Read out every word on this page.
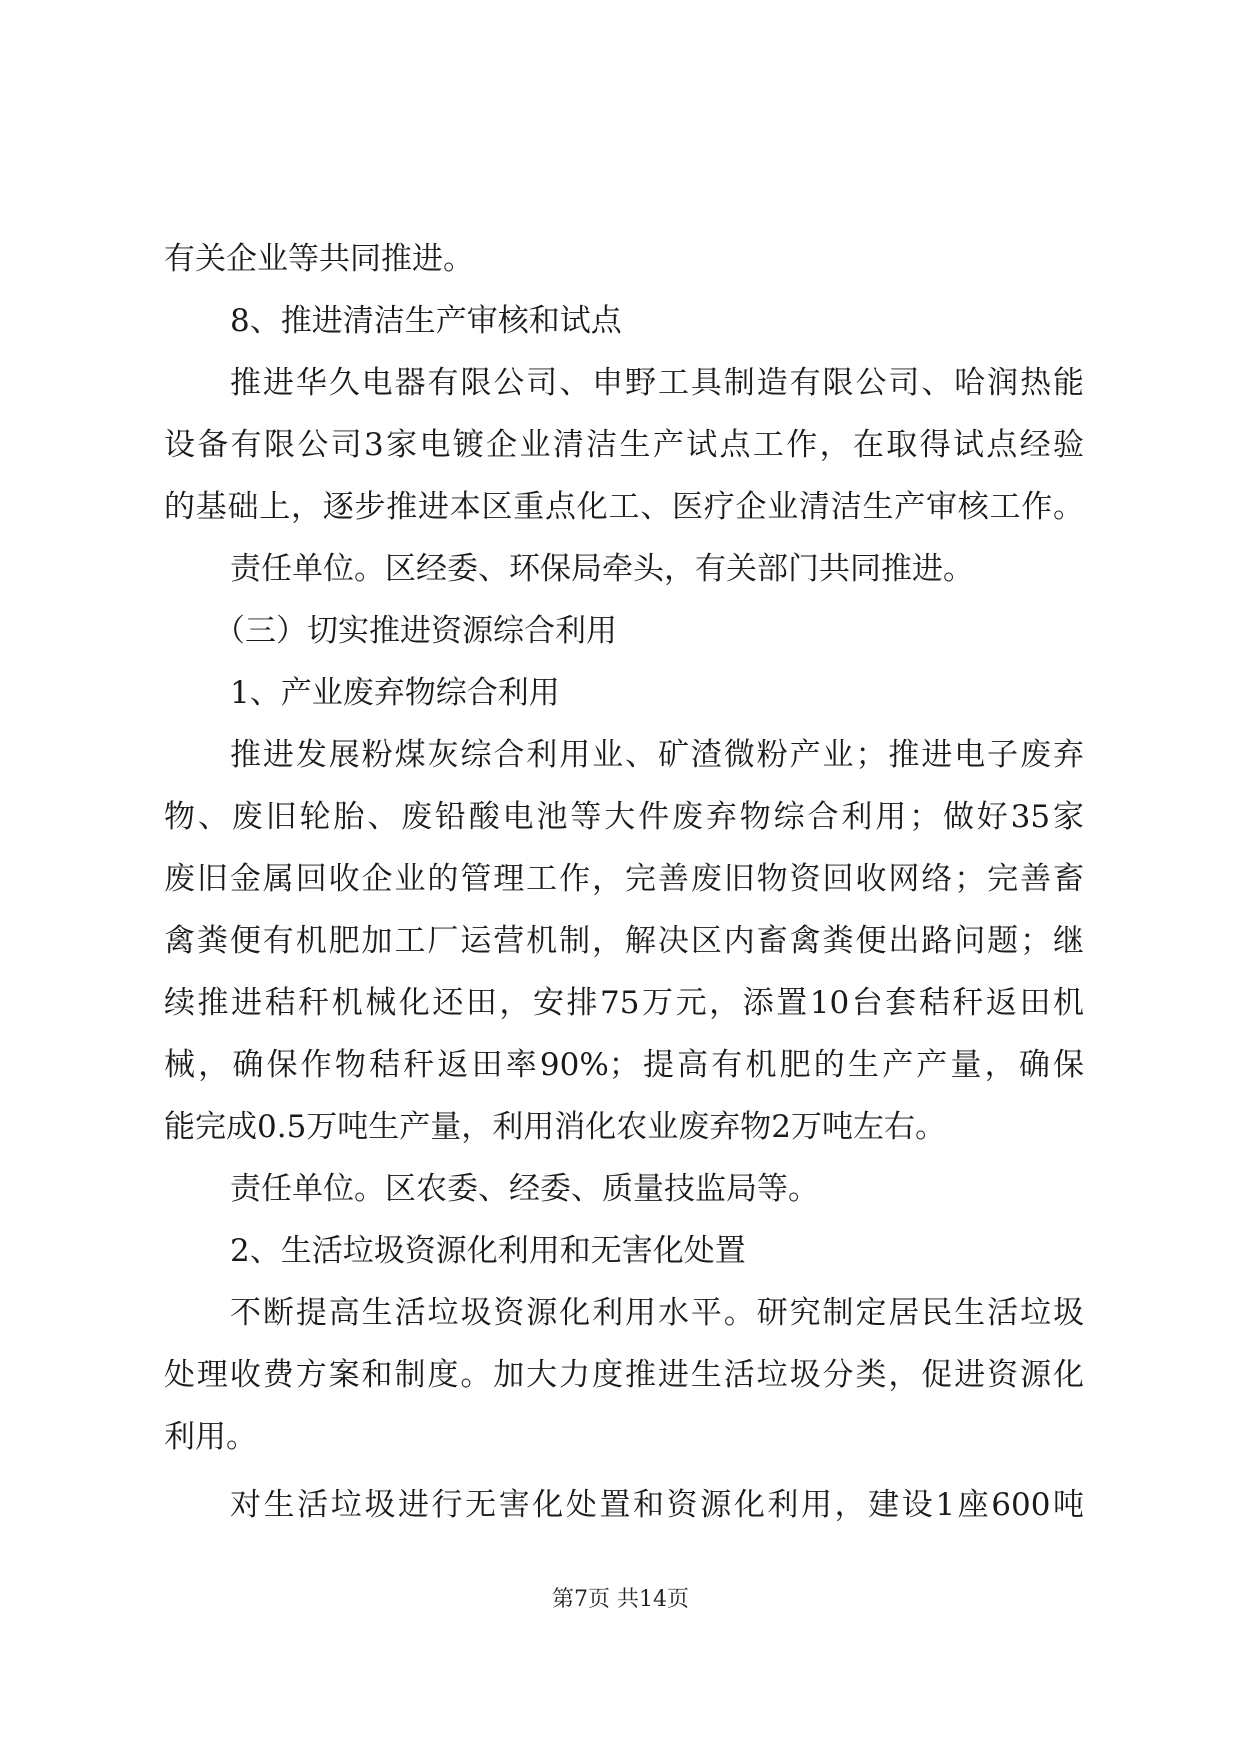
有关企业等共同推进。
8、推进清洁生产审核和试点
推进华久电器有限公司、申野工具制造有限公司、哈润热能
设备有限公司3家电镀企业清洁生产试点工作，在取得试点经验
的基础上，逐步推进本区重点化工、医疗企业清洁生产审核工作。
责任单位。区经委、环保局牵头，有关部门共同推进。
（三）切实推进资源综合利用
1、产业废弃物综合利用
推进发展粉煤灰综合利用业、矿渣微粉产业；推进电子废弃
物、废旧轮胎、废铅酸电池等大件废弃物综合利用；做好35家
废旧金属回收企业的管理工作，完善废旧物资回收网络；完善畜
禽粪便有机肥加工厂运营机制，解决区内畜禽粪便出路问题；继
续推进秸秆机械化还田，安排75万元，添置10台套秸秆返田机
械，确保作物秸秆返田率90%；提高有机肥的生产产量，确保
能完成0.5万吨生产量，利用消化农业废弃物2万吨左右。
责任单位。区农委、经委、质量技监局等。
2、生活垃圾资源化利用和无害化处置
不断提高生活垃圾资源化利用水平。研究制定居民生活垃圾
处理收费方案和制度。加大力度推进生活垃圾分类，促进资源化
利用。
对生活垃圾进行无害化处置和资源化利用，建设1座600吨
第7页 共14页
